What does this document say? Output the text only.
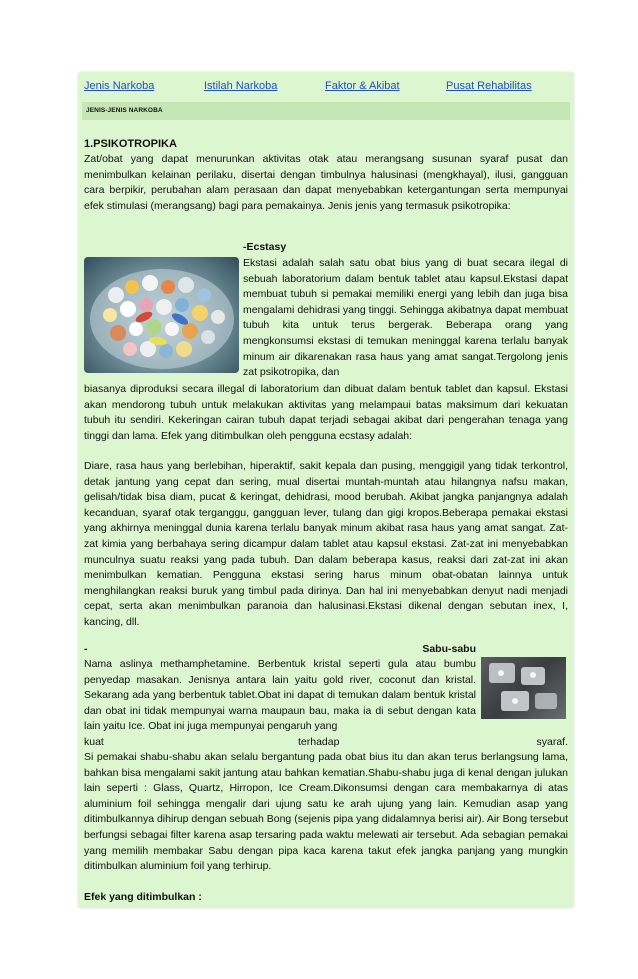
Jenis Narkoba	Istilah Narkoba	Faktor & Akibat	Pusat Rehabilitas
JENIS-JENIS NARKOBA

1.PSIKOTROPIKA

Zat/obat yang dapat menurunkan aktivitas otak atau merangsang susunan syaraf pusat dan menimbulkan kelainan perilaku, disertai dengan timbulnya halusinasi (mengkhayal), ilusi, gangguan cara berpikir, perubahan alam perasaan dan dapat menyebabkan ketergantungan serta mempunyai efek stimulasi (merangsang) bagi para pemakainya. Jenis jenis yang termasuk psikotropika:

-Ecstasy

Ekstasi adalah salah satu obat bius yang di buat secara ilegal di sebuah laboratorium dalam bentuk tablet atau kapsul.Ekstasi dapat membuat tubuh si pemakai memiliki energi yang lebih dan juga bisa mengalami dehidrasi yang tinggi. Sehingga akibatnya dapat membuat tubuh kita untuk terus bergerak. Beberapa orang yang mengkonsumsi ekstasi di temukan meninggal karena terlalu banyak minum air dikarenakan rasa haus yang amat sangat.Tergolong jenis zat psikotropika, dan

biasanya diproduksi secara illegal di laboratorium dan dibuat dalam bentuk tablet dan kapsul. Ekstasi akan mendorong tubuh untuk melakukan aktivitas yang melampaui batas maksimum dari kekuatan tubuh itu sendiri. Kekeringan cairan tubuh dapat terjadi sebagai akibat dari pengerahan tenaga yang tinggi dan lama. Efek yang ditimbulkan oleh pengguna ecstasy adalah:

Diare, rasa haus yang berlebihan, hiperaktif, sakit kepala dan pusing, menggigil yang tidak terkontrol, detak jantung yang cepat dan sering, mual disertai muntah-muntah atau hilangnya nafsu makan, gelisah/tidak bisa diam, pucat & keringat, dehidrasi, mood berubah. Akibat jangka panjangnya adalah kecanduan, syaraf otak terganggu, gangguan lever, tulang dan gigi kropos.Beberapa pemakai ekstasi yang akhirnya meninggal dunia karena terlalu banyak minum akibat rasa haus yang amat sangat. Zat-zat kimia yang berbahaya sering dicampur dalam tablet atau kapsul ekstasi. Zat-zat ini menyebabkan munculnya suatu reaksi yang pada tubuh. Dan dalam beberapa kasus, reaksi dari zat-zat ini akan menimbulkan kematian. Pengguna ekstasi sering harus minum obat-obatan lainnya untuk menghilangkan reaksi buruk yang timbul pada dirinya. Dan hal ini menyebabkan denyut nadi menjadi cepat, serta akan menimbulkan paranoia dan halusinasi.Ekstasi dikenal dengan sebutan inex, I, kancing, dll.

-	Sabu-sabu

Nama aslinya methamphetamine. Berbentuk kristal seperti gula atau bumbu penyedap masakan. Jenisnya antara lain yaitu gold river, coconut dan kristal. Sekarang ada yang berbentuk tablet.Obat ini dapat di temukan dalam bentuk kristal dan obat ini tidak mempunyai warna maupaun bau, maka ia di sebut dengan kata lain yaitu Ice. Obat ini juga mempunyai pengaruh yang

kuat	terhadap	syaraf.

Si pemakai shabu-shabu akan selalu bergantung pada obat bius itu dan akan terus berlangsung lama, bahkan bisa mengalami sakit jantung atau bahkan kematian.Shabu-shabu juga di kenal dengan julukan lain seperti : Glass, Quartz, Hirropon, Ice Cream.Dikonsumsi dengan cara membakarnya di atas aluminium foil sehingga mengalir dari ujung satu ke arah ujung yang lain. Kemudian asap yang ditimbulkannya dihirup dengan sebuah Bong (sejenis pipa yang didalamnya berisi air). Air Bong tersebut berfungsi sebagai filter karena asap tersaring pada waktu melewati air tersebut. Ada sebagian pemakai yang memilih membakar Sabu dengan pipa kaca karena takut efek jangka panjang yang mungkin ditimbulkan aluminium foil yang terhirup.

Efek yang ditimbulkan :
